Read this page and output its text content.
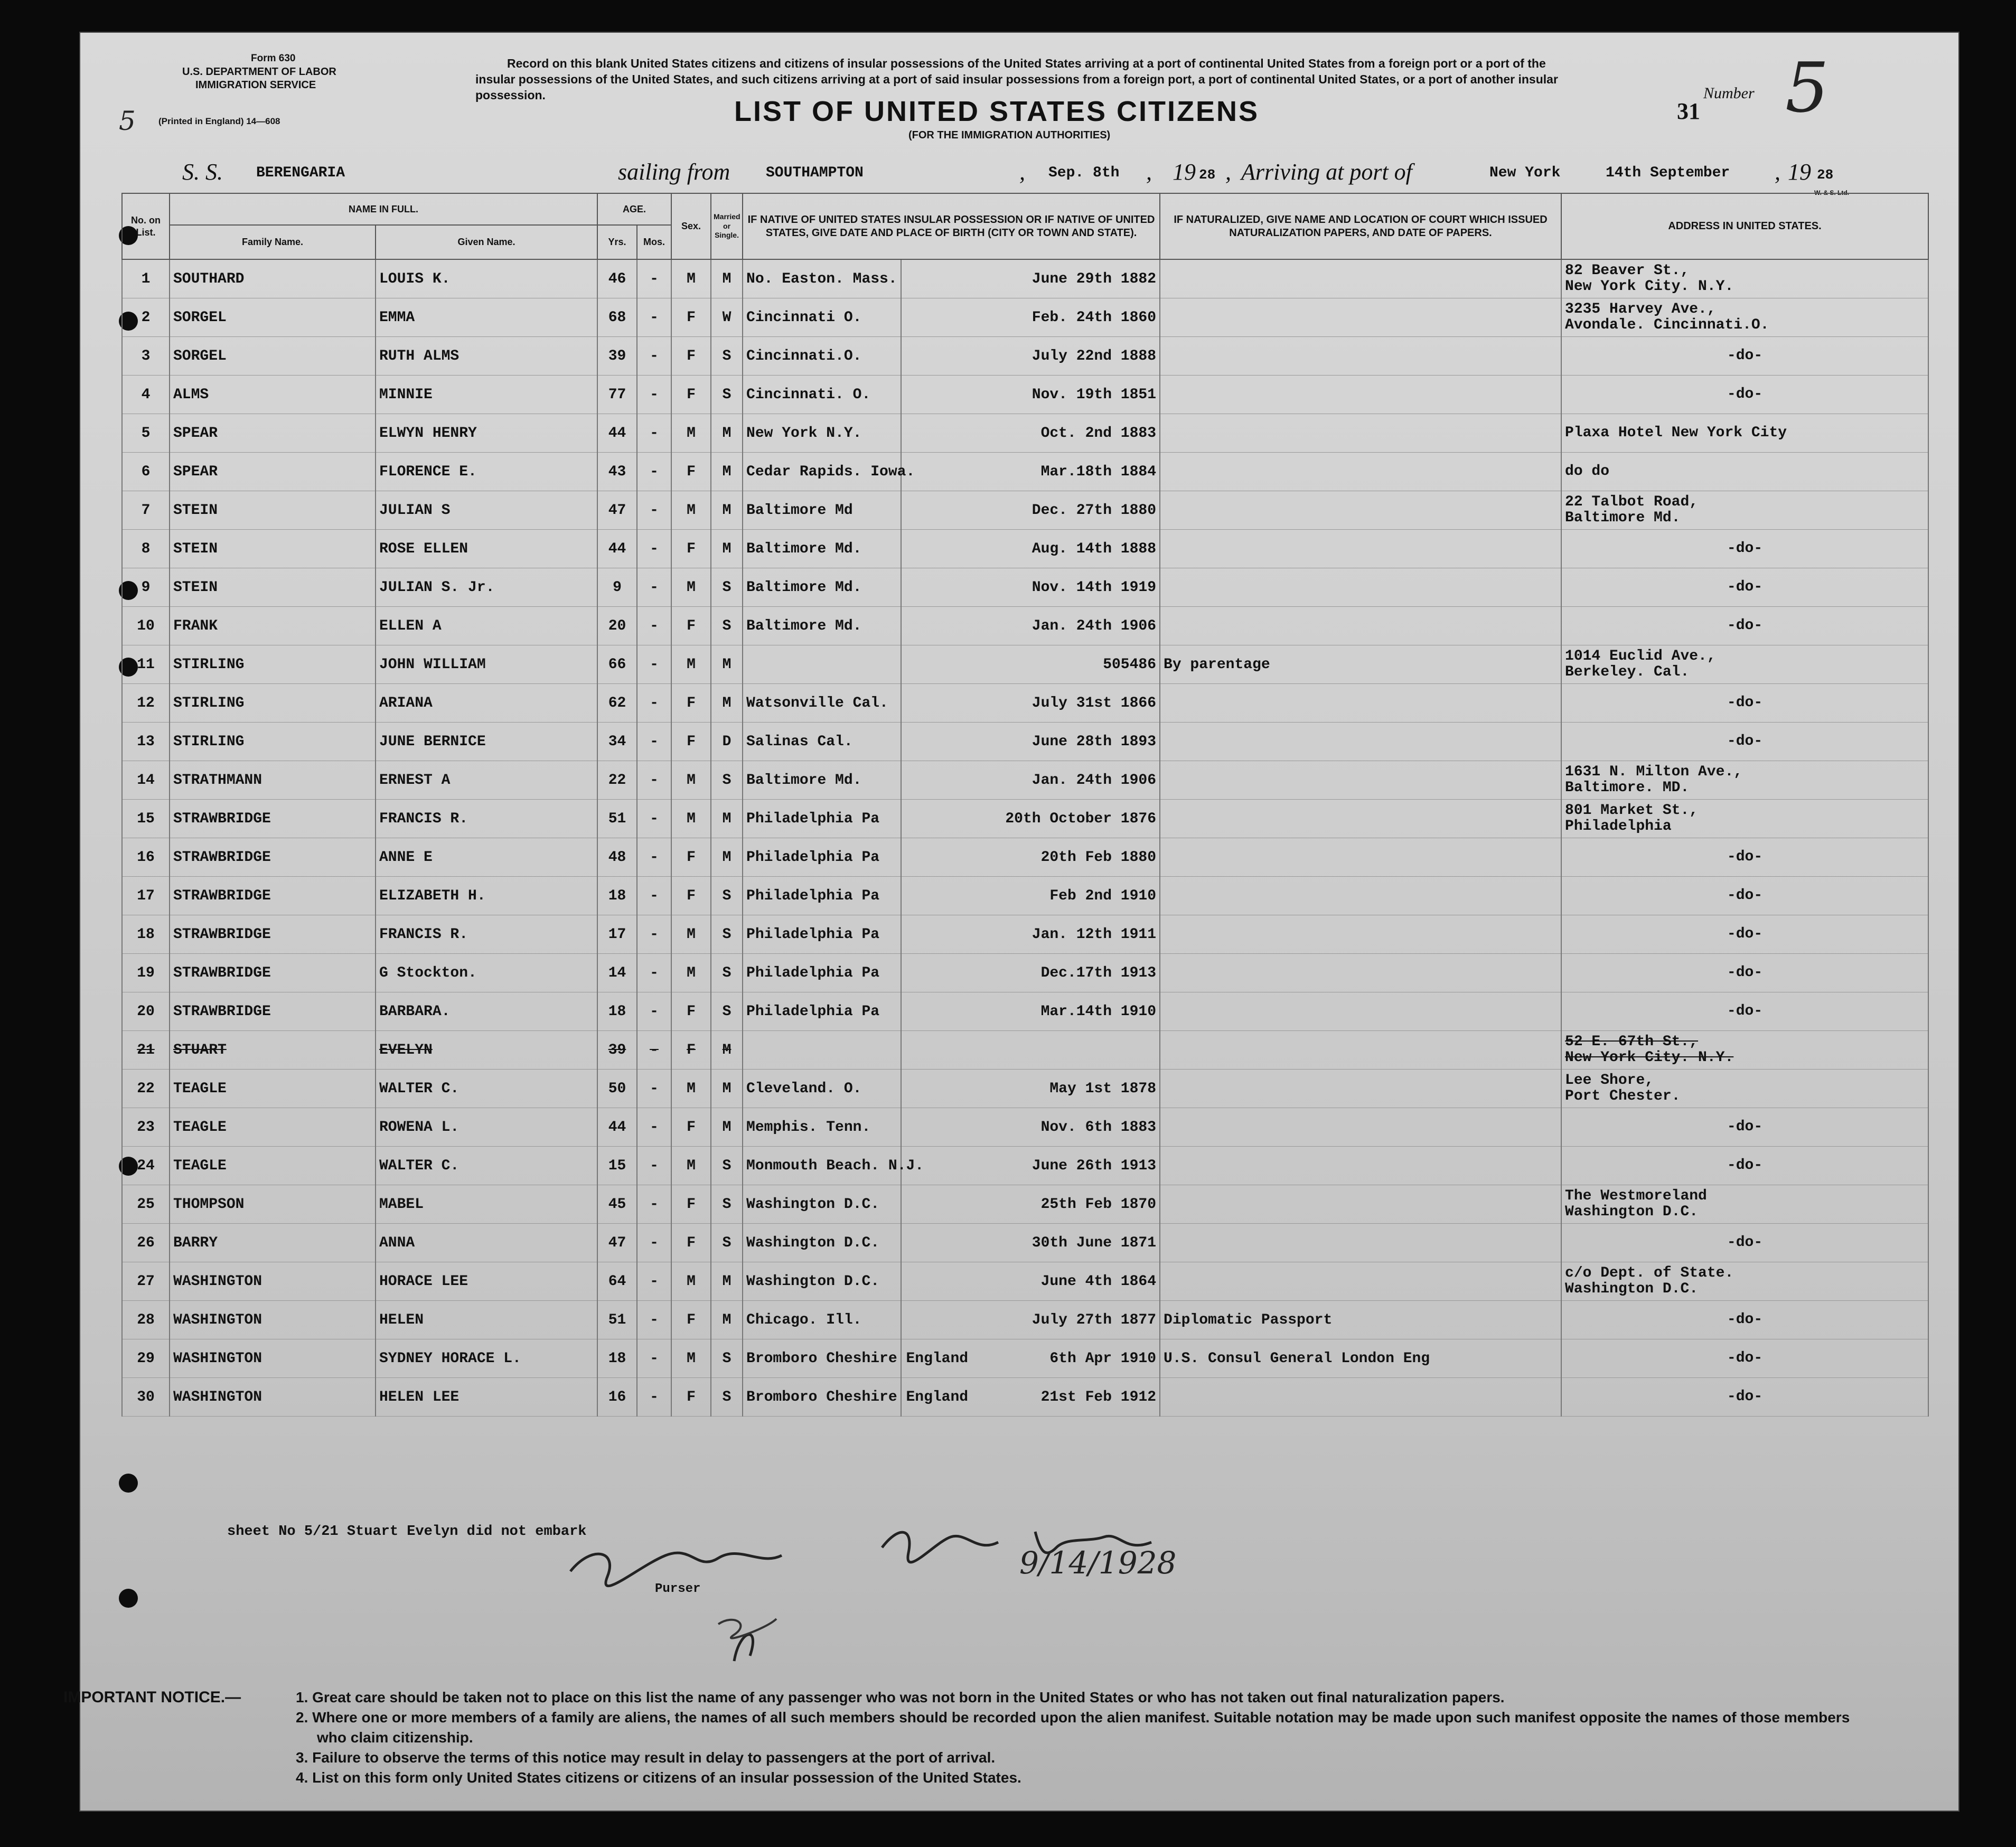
Form 630
U.S. DEPARTMENT OF LABOR
IMMIGRATION SERVICE
(Printed in England) 14—608
5
Record on this blank United States citizens and citizens of insular possessions of the United States arriving at a port of continental United States from a foreign port or a port of the insular possessions of the United States, and such citizens arriving at a port of said insular possessions from a foreign port, a port of continental United States, or a port of another insular possession.
LIST OF UNITED STATES CITIZENS
(FOR THE IMMIGRATION AUTHORITIES)
Number 5
31
S. S. BERENGARIA	sailing from SOUTHAMPTON	, Sep. 8th , 19 28 , Arriving at port of	New York	14th September , 19 28
W. & S. Ltd.
No. on List.	NAME IN FULL.		AGE.		Sex.	Married or Single.	IF NATIVE OF UNITED STATES INSULAR POSSESSION OR IF NATIVE OF UNITED STATES, GIVE DATE AND PLACE OF BIRTH (CITY OR TOWN AND STATE).		IF NATURALIZED, GIVE NAME AND LOCATION OF COURT WHICH ISSUED NATURALIZATION PAPERS, AND DATE OF PAPERS.	ADDRESS IN UNITED STATES.
	Family Name.	Given Name.	Yrs.	Mos.						
1	SOUTHARD	LOUIS K.	46	-	M	M	No. Easton. Mass.	June 29th 1882		82 Beaver St.,
New York City. N.Y.

2	SORGEL	EMMA	68	-	F	W	Cincinnati O.	Feb. 24th 1860		3235 Harvey Ave.,
Avondale. Cincinnati.O.

3	SORGEL	RUTH ALMS	39	-	F	S	Cincinnati.O.	July 22nd 1888		-do-

4	ALMS	MINNIE	77	-	F	S	Cincinnati. O.	Nov. 19th 1851		-do-

5	SPEAR	ELWYN HENRY	44	-	M	M	New York N.Y.	Oct. 2nd 1883		Plaxa Hotel New York City

6	SPEAR	FLORENCE E.	43	-	F	M	Cedar Rapids. Iowa.	Mar.18th 1884		do do

7	STEIN	JULIAN S	47	-	M	M	Baltimore Md	Dec. 27th 1880		22 Talbot Road,
Baltimore Md.

8	STEIN	ROSE ELLEN	44	-	F	M	Baltimore Md.	Aug. 14th 1888		-do-

9	STEIN	JULIAN S. Jr.	9	-	M	S	Baltimore Md.	Nov. 14th 1919		-do-

10	FRANK	ELLEN A	20	-	F	S	Baltimore Md.	Jan. 24th 1906		-do-

11	STIRLING	JOHN WILLIAM	66	-	M	M		505486	By parentage	1014 Euclid Ave.,
Berkeley. Cal.

12	STIRLING	ARIANA	62	-	F	M	Watsonville Cal.	July 31st 1866		-do-

13	STIRLING	JUNE BERNICE	34	-	F	D	Salinas Cal.	June 28th 1893		-do-

14	STRATHMANN	ERNEST A	22	-	M	S	Baltimore Md.	Jan. 24th 1906		1631 N. Milton Ave.,
Baltimore. MD.

15	STRAWBRIDGE	FRANCIS R.	51	-	M	M	Philadelphia Pa	20th October 1876		801 Market St.,
Philadelphia

16	STRAWBRIDGE	ANNE E	48	-	F	M	Philadelphia Pa	20th Feb 1880		-do-

17	STRAWBRIDGE	ELIZABETH H.	18	-	F	S	Philadelphia Pa	Feb 2nd 1910		-do-

18	STRAWBRIDGE	FRANCIS R.	17	-	M	S	Philadelphia Pa	Jan. 12th 1911		-do-

19	STRAWBRIDGE	G Stockton.	14	-	M	S	Philadelphia Pa	Dec.17th 1913		-do-

20	STRAWBRIDGE	BARBARA.	18	-	F	S	Philadelphia Pa	Mar.14th 1910		-do-

21	STUART	EVELYN	39	-	F	M				52 E. 67th St.,
New York City. N.Y.

22	TEAGLE	WALTER C.	50	-	M	M	Cleveland. O.	May 1st 1878		Lee Shore,
Port Chester.

23	TEAGLE	ROWENA L.	44	-	F	M	Memphis. Tenn.	Nov. 6th 1883		-do-

24	TEAGLE	WALTER C.	15	-	M	S	Monmouth Beach. N.J.	June 26th 1913		-do-

25	THOMPSON	MABEL	45	-	F	S	Washington D.C.	25th Feb 1870		The Westmoreland
Washington D.C.

26	BARRY	ANNA	47	-	F	S	Washington D.C.	30th June 1871		-do-

27	WASHINGTON	HORACE LEE	64	-	M	M	Washington D.C.	June 4th 1864		c/o Dept. of State.
Washington D.C.

28	WASHINGTON	HELEN	51	-	F	M	Chicago. Ill.	July 27th 1877	Diplomatic Passport	-do-

29	WASHINGTON	SYDNEY HORACE L.	18	-	M	S	Bromboro Cheshire England	6th Apr 1910	U.S. Consul General London Eng	-do-

30	WASHINGTON	HELEN LEE	16	-	F	S	Bromboro Cheshire England	21st Feb 1912		-do-
sheet No 5/21 Stuart Evelyn did not embark
Purser
9/14/1928
IMPORTANT NOTICE.—	1. Great care should be taken not to place on this list the name of any passenger who was not born in the United States or who has not taken out final naturalization papers.
2. Where one or more members of a family are aliens, the names of all such members should be recorded upon the alien manifest. Suitable notation may be made upon such manifest opposite the names of those members who claim citizenship.
3. Failure to observe the terms of this notice may result in delay to passengers at the port of arrival.
4. List on this form only United States citizens or citizens of an insular possession of the United States.
